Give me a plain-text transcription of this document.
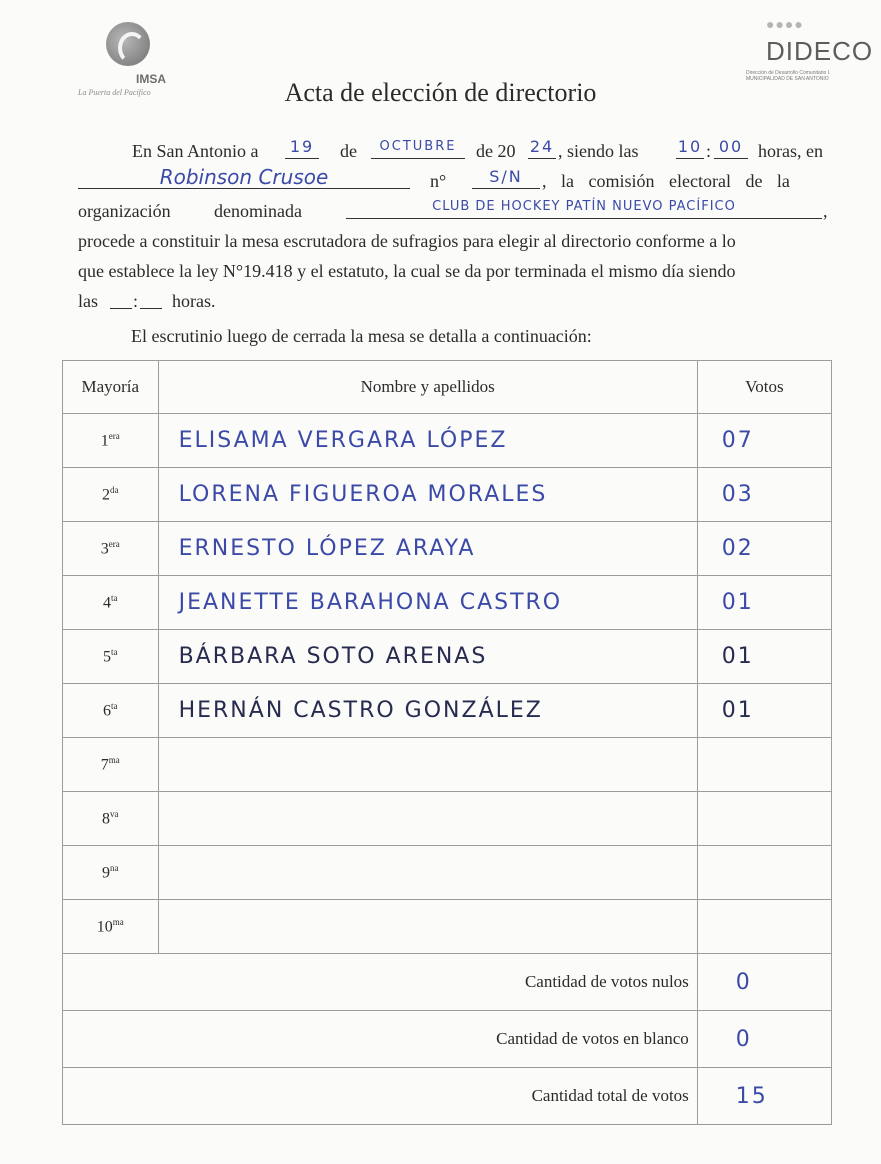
IMSA
La Puerta del Pacífico
●●●●
DIDECO
Dirección de Desarrollo Comunitario I. MUNICIPALIDAD DE SAN ANTONIO
Acta de elección de directorio
En San Antonio a	19 de	OCTUBRE	de 20 24 , siendo las 10 : 00 horas, en
Robinson Crusoe	n°	S/N	, la comisión electoral de la
organización denominada	CLUB DE HOCKEY PATÍN NUEVO PACÍFICO	,
procede a constituir la mesa escrutadora de sufragios para elegir al directorio conforme a lo
que establece la ley N°19.418 y el estatuto, la cual se da por terminada el mismo día siendo
las : horas.
El escrutinio luego de cerrada la mesa se detalla a continuación:
Mayoría	Nombre y apellidos	Votos
$1^{era}$	ELISAMA VERGARA LÓPEZ	07
$2^{da}$	LORENA FIGUEROA MORALES	03
$3^{era}$	ERNESTO LÓPEZ ARAYA	02
$4^{ta}$	JEANETTE BARAHONA CASTRO	01
$5^{ta}$	BÁRBARA SOTO ARENAS	01
$6^{ta}$	HERNÁN CASTRO GONZÁLEZ	01
$7^{ma}$		
$8^{va}$		
$9^{na}$		
$10^{ma}$		
Cantidad de votos nulos		0
Cantidad de votos en blanco		0
Cantidad total de votos		15
